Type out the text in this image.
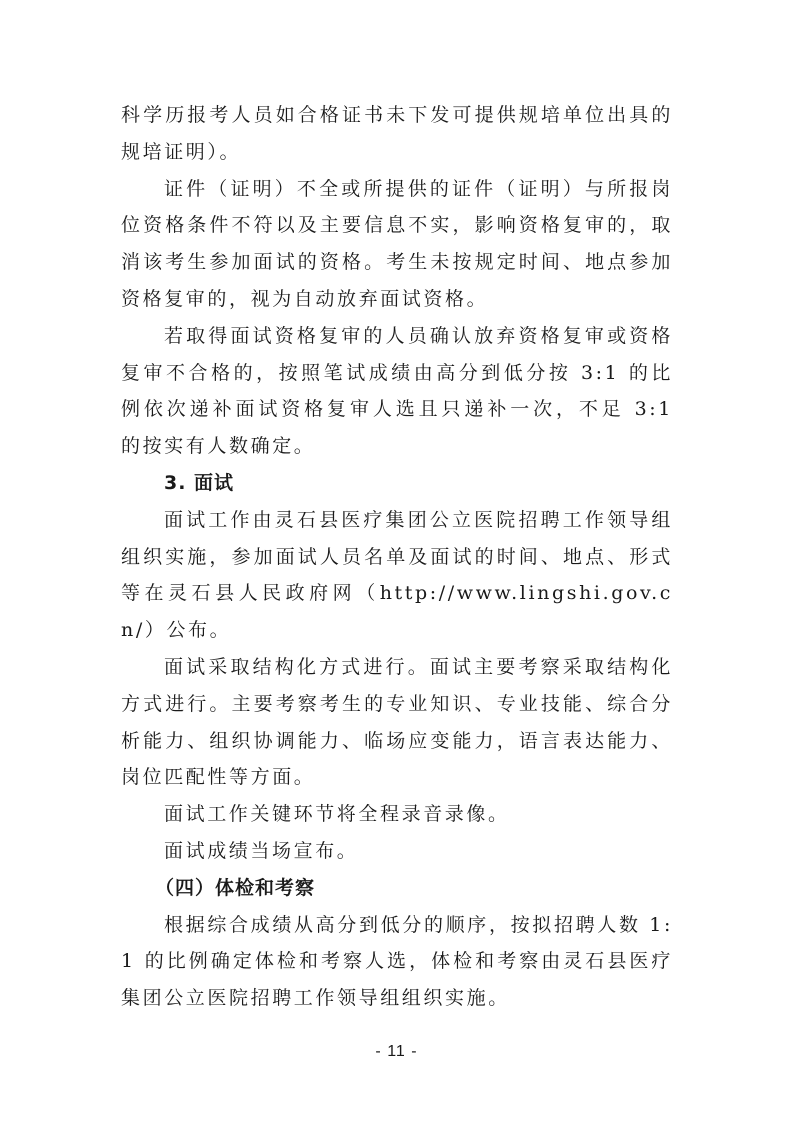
科学历报考人员如合格证书未下发可提供规培单位出具的规培证明）。

证件（证明）不全或所提供的证件（证明）与所报岗位资格条件不符以及主要信息不实，影响资格复审的，取消该考生参加面试的资格。考生未按规定时间、地点参加资格复审的，视为自动放弃面试资格。

若取得面试资格复审的人员确认放弃资格复审或资格复审不合格的，按照笔试成绩由高分到低分按 3:1 的比例依次递补面试资格复审人选且只递补一次，不足 3:1 的按实有人数确定。

3. 面试

面试工作由灵石县医疗集团公立医院招聘工作领导组组织实施，参加面试人员名单及面试的时间、地点、形式等在灵石县人民政府网（http://www.lingshi.gov.cn/）公布。

面试采取结构化方式进行。面试主要考察采取结构化方式进行。主要考察考生的专业知识、专业技能、综合分析能力、组织协调能力、临场应变能力，语言表达能力、岗位匹配性等方面。

面试工作关键环节将全程录音录像。

面试成绩当场宣布。

（四）体检和考察

根据综合成绩从高分到低分的顺序，按拟招聘人数 1:1 的比例确定体检和考察人选，体检和考察由灵石县医疗集团公立医院招聘工作领导组组织实施。

- 11 -
